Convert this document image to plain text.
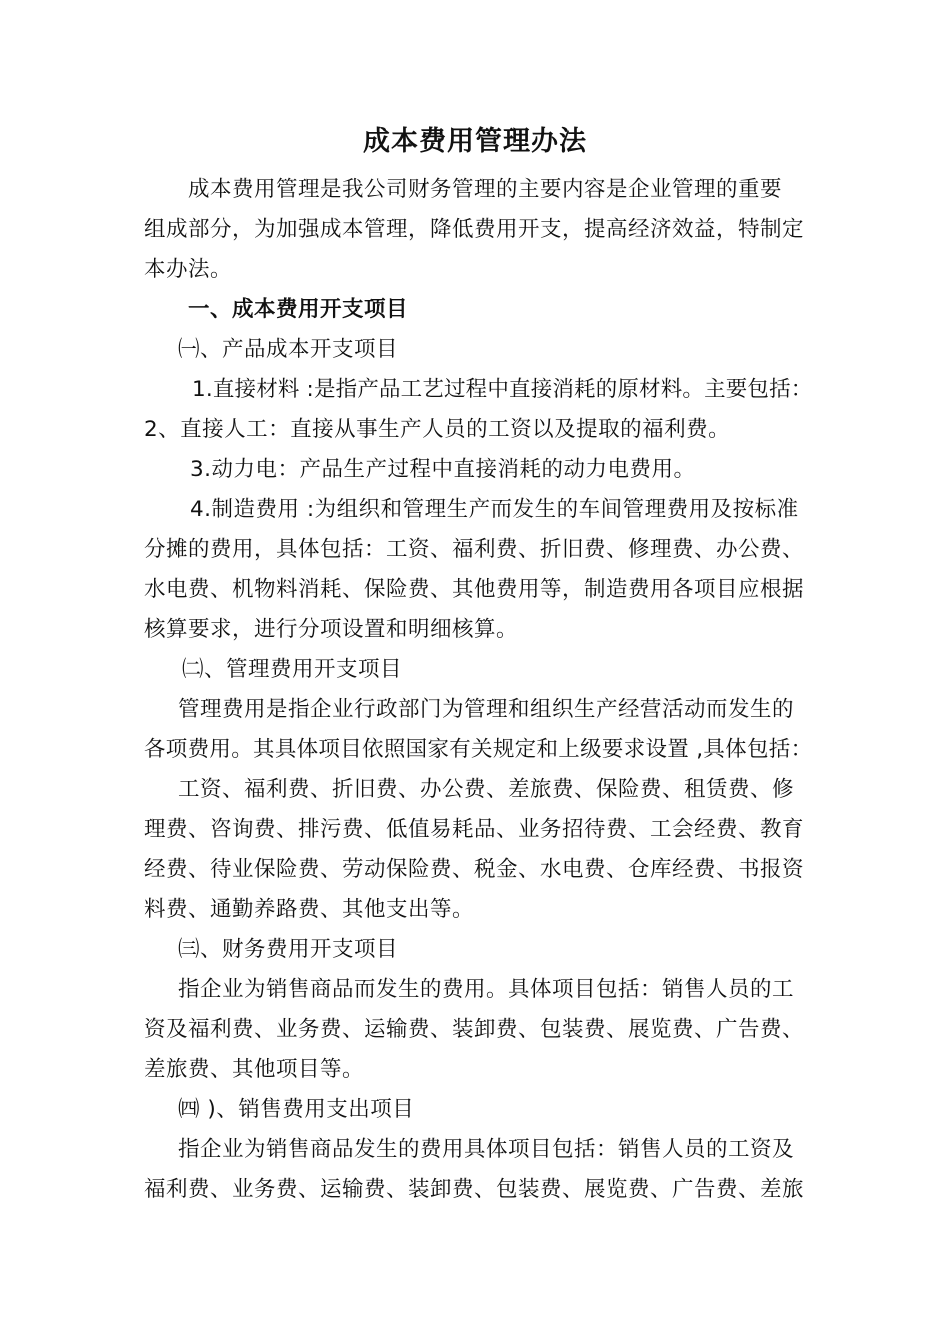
成本费用管理办法

成本费用管理是我公司财务管理的主要内容是企业管理的重要

组成部分，为加强成本管理，降低费用开支，提高经济效益，特制定

本办法。

一、成本费用开支项目

㈠、产品成本开支项目

1.直接材料 :是指产品工艺过程中直接消耗的原材料。主要包括：

2、直接人工：直接从事生产人员的工资以及提取的福利费。

3.动力电：产品生产过程中直接消耗的动力电费用。

4.制造费用 :为组织和管理生产而发生的车间管理费用及按标准

分摊的费用，具体包括：工资、福利费、折旧费、修理费、办公费、

水电费、机物料消耗、保险费、其他费用等，制造费用各项目应根据

核算要求，进行分项设置和明细核算。

㈡、管理费用开支项目

管理费用是指企业行政部门为管理和组织生产经营活动而发生的

各项费用。其具体项目依照国家有关规定和上级要求设置 ,具体包括：

工资、福利费、折旧费、办公费、差旅费、保险费、租赁费、修

理费、咨询费、排污费、低值易耗品、业务招待费、工会经费、教育

经费、待业保险费、劳动保险费、税金、水电费、仓库经费、书报资

料费、通勤养路费、其他支出等。

㈢、财务费用开支项目

指企业为销售商品而发生的费用。具体项目包括：销售人员的工

资及福利费、业务费、运输费、装卸费、包装费、展览费、广告费、

差旅费、其他项目等。

㈣ )、销售费用支出项目

指企业为销售商品发生的费用具体项目包括：销售人员的工资及

福利费、业务费、运输费、装卸费、包装费、展览费、广告费、差旅
